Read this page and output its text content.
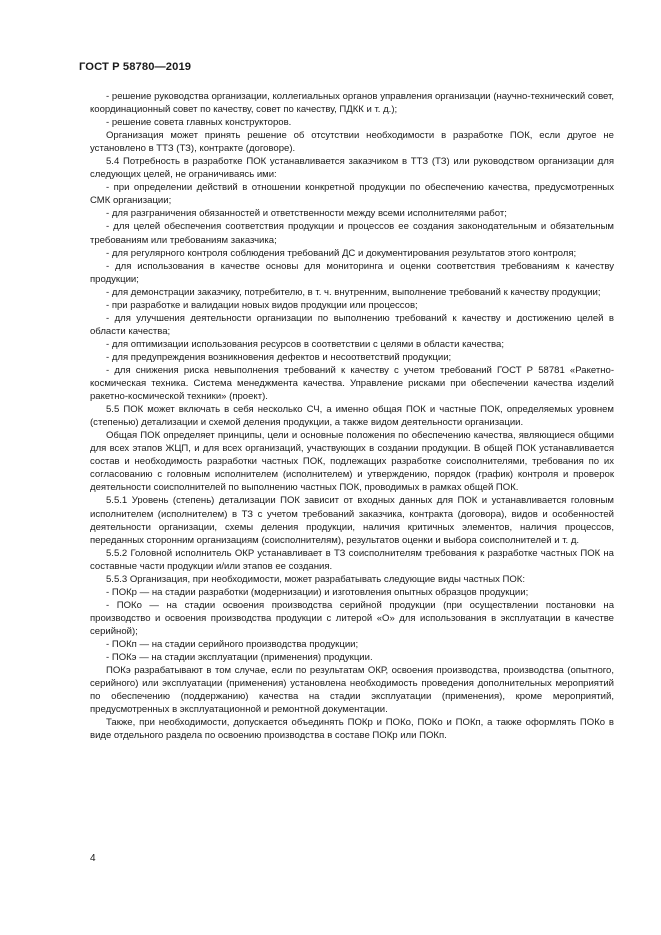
ГОСТ Р 58780—2019

- решение руководства организации, коллегиальных органов управления организации (научно-технический совет, координационный совет по качеству, совет по качеству, ПДКК и т. д.);

- решение совета главных конструкторов.

Организация может принять решение об отсутствии необходимости в разработке ПОК, если другое не установлено в ТТЗ (ТЗ), контракте (договоре).

5.4 Потребность в разработке ПОК устанавливается заказчиком в ТТЗ (ТЗ) или руководством организации для следующих целей, не ограничиваясь ими:

- при определении действий в отношении конкретной продукции по обеспечению качества, предусмотренных СМК организации;

- для разграничения обязанностей и ответственности между всеми исполнителями работ;

- для целей обеспечения соответствия продукции и процессов ее создания законодательным и обязательным требованиям или требованиям заказчика;

- для регулярного контроля соблюдения требований ДС и документирования результатов этого контроля;

- для использования в качестве основы для мониторинга и оценки соответствия требованиям к качеству продукции;

- для демонстрации заказчику, потребителю, в т. ч. внутренним, выполнение требований к качеству продукции;

- при разработке и валидации новых видов продукции или процессов;

- для улучшения деятельности организации по выполнению требований к качеству и достижению целей в области качества;

- для оптимизации использования ресурсов в соответствии с целями в области качества;

- для предупреждения возникновения дефектов и несоответствий продукции;

- для снижения риска невыполнения требований к качеству с учетом требований ГОСТ Р 58781 «Ракетно-космическая техника. Система менеджмента качества. Управление рисками при обеспечении качества изделий ракетно-космической техники» (проект).

5.5 ПОК может включать в себя несколько СЧ, а именно общая ПОК и частные ПОК, определяемых уровнем (степенью) детализации и схемой деления продукции, а также видом деятельности организации.

Общая ПОК определяет принципы, цели и основные положения по обеспечению качества, являющиеся общими для всех этапов ЖЦП, и для всех организаций, участвующих в создании продукции. В общей ПОК устанавливается состав и необходимость разработки частных ПОК, подлежащих разработке соисполнителями, требования по их согласованию с головным исполнителем (исполнителем) и утверждению, порядок (график) контроля и проверок деятельности соисполнителей по выполнению частных ПОК, проводимых в рамках общей ПОК.

5.5.1 Уровень (степень) детализации ПОК зависит от входных данных для ПОК и устанавливается головным исполнителем (исполнителем) в ТЗ с учетом требований заказчика, контракта (договора), видов и особенностей деятельности организации, схемы деления продукции, наличия критичных элементов, наличия процессов, переданных сторонним организациям (соисполнителям), результатов оценки и выбора соисполнителей и т. д.

5.5.2 Головной исполнитель ОКР устанавливает в ТЗ соисполнителям требования к разработке частных ПОК на составные части продукции и/или этапов ее создания.

5.5.3 Организация, при необходимости, может разрабатывать следующие виды частных ПОК:

- ПОКр — на стадии разработки (модернизации) и изготовления опытных образцов продукции;

- ПОКо — на стадии освоения производства серийной продукции (при осуществлении постановки на производство и освоения производства продукции с литерой «О» для использования в эксплуатации в качестве серийной);

- ПОКп — на стадии серийного производства продукции;

- ПОКэ — на стадии эксплуатации (применения) продукции.

ПОКэ разрабатывают в том случае, если по результатам ОКР, освоения производства, производства (опытного, серийного) или эксплуатации (применения) установлена необходимость проведения дополнительных мероприятий по обеспечению (поддержанию) качества на стадии эксплуатации (применения), кроме мероприятий, предусмотренных в эксплуатационной и ремонтной документации.

Также, при необходимости, допускается объединять ПОКр и ПОКо, ПОКо и ПОКп, а также оформлять ПОКо в виде отдельного раздела по освоению производства в составе ПОКр или ПОКп.

4
